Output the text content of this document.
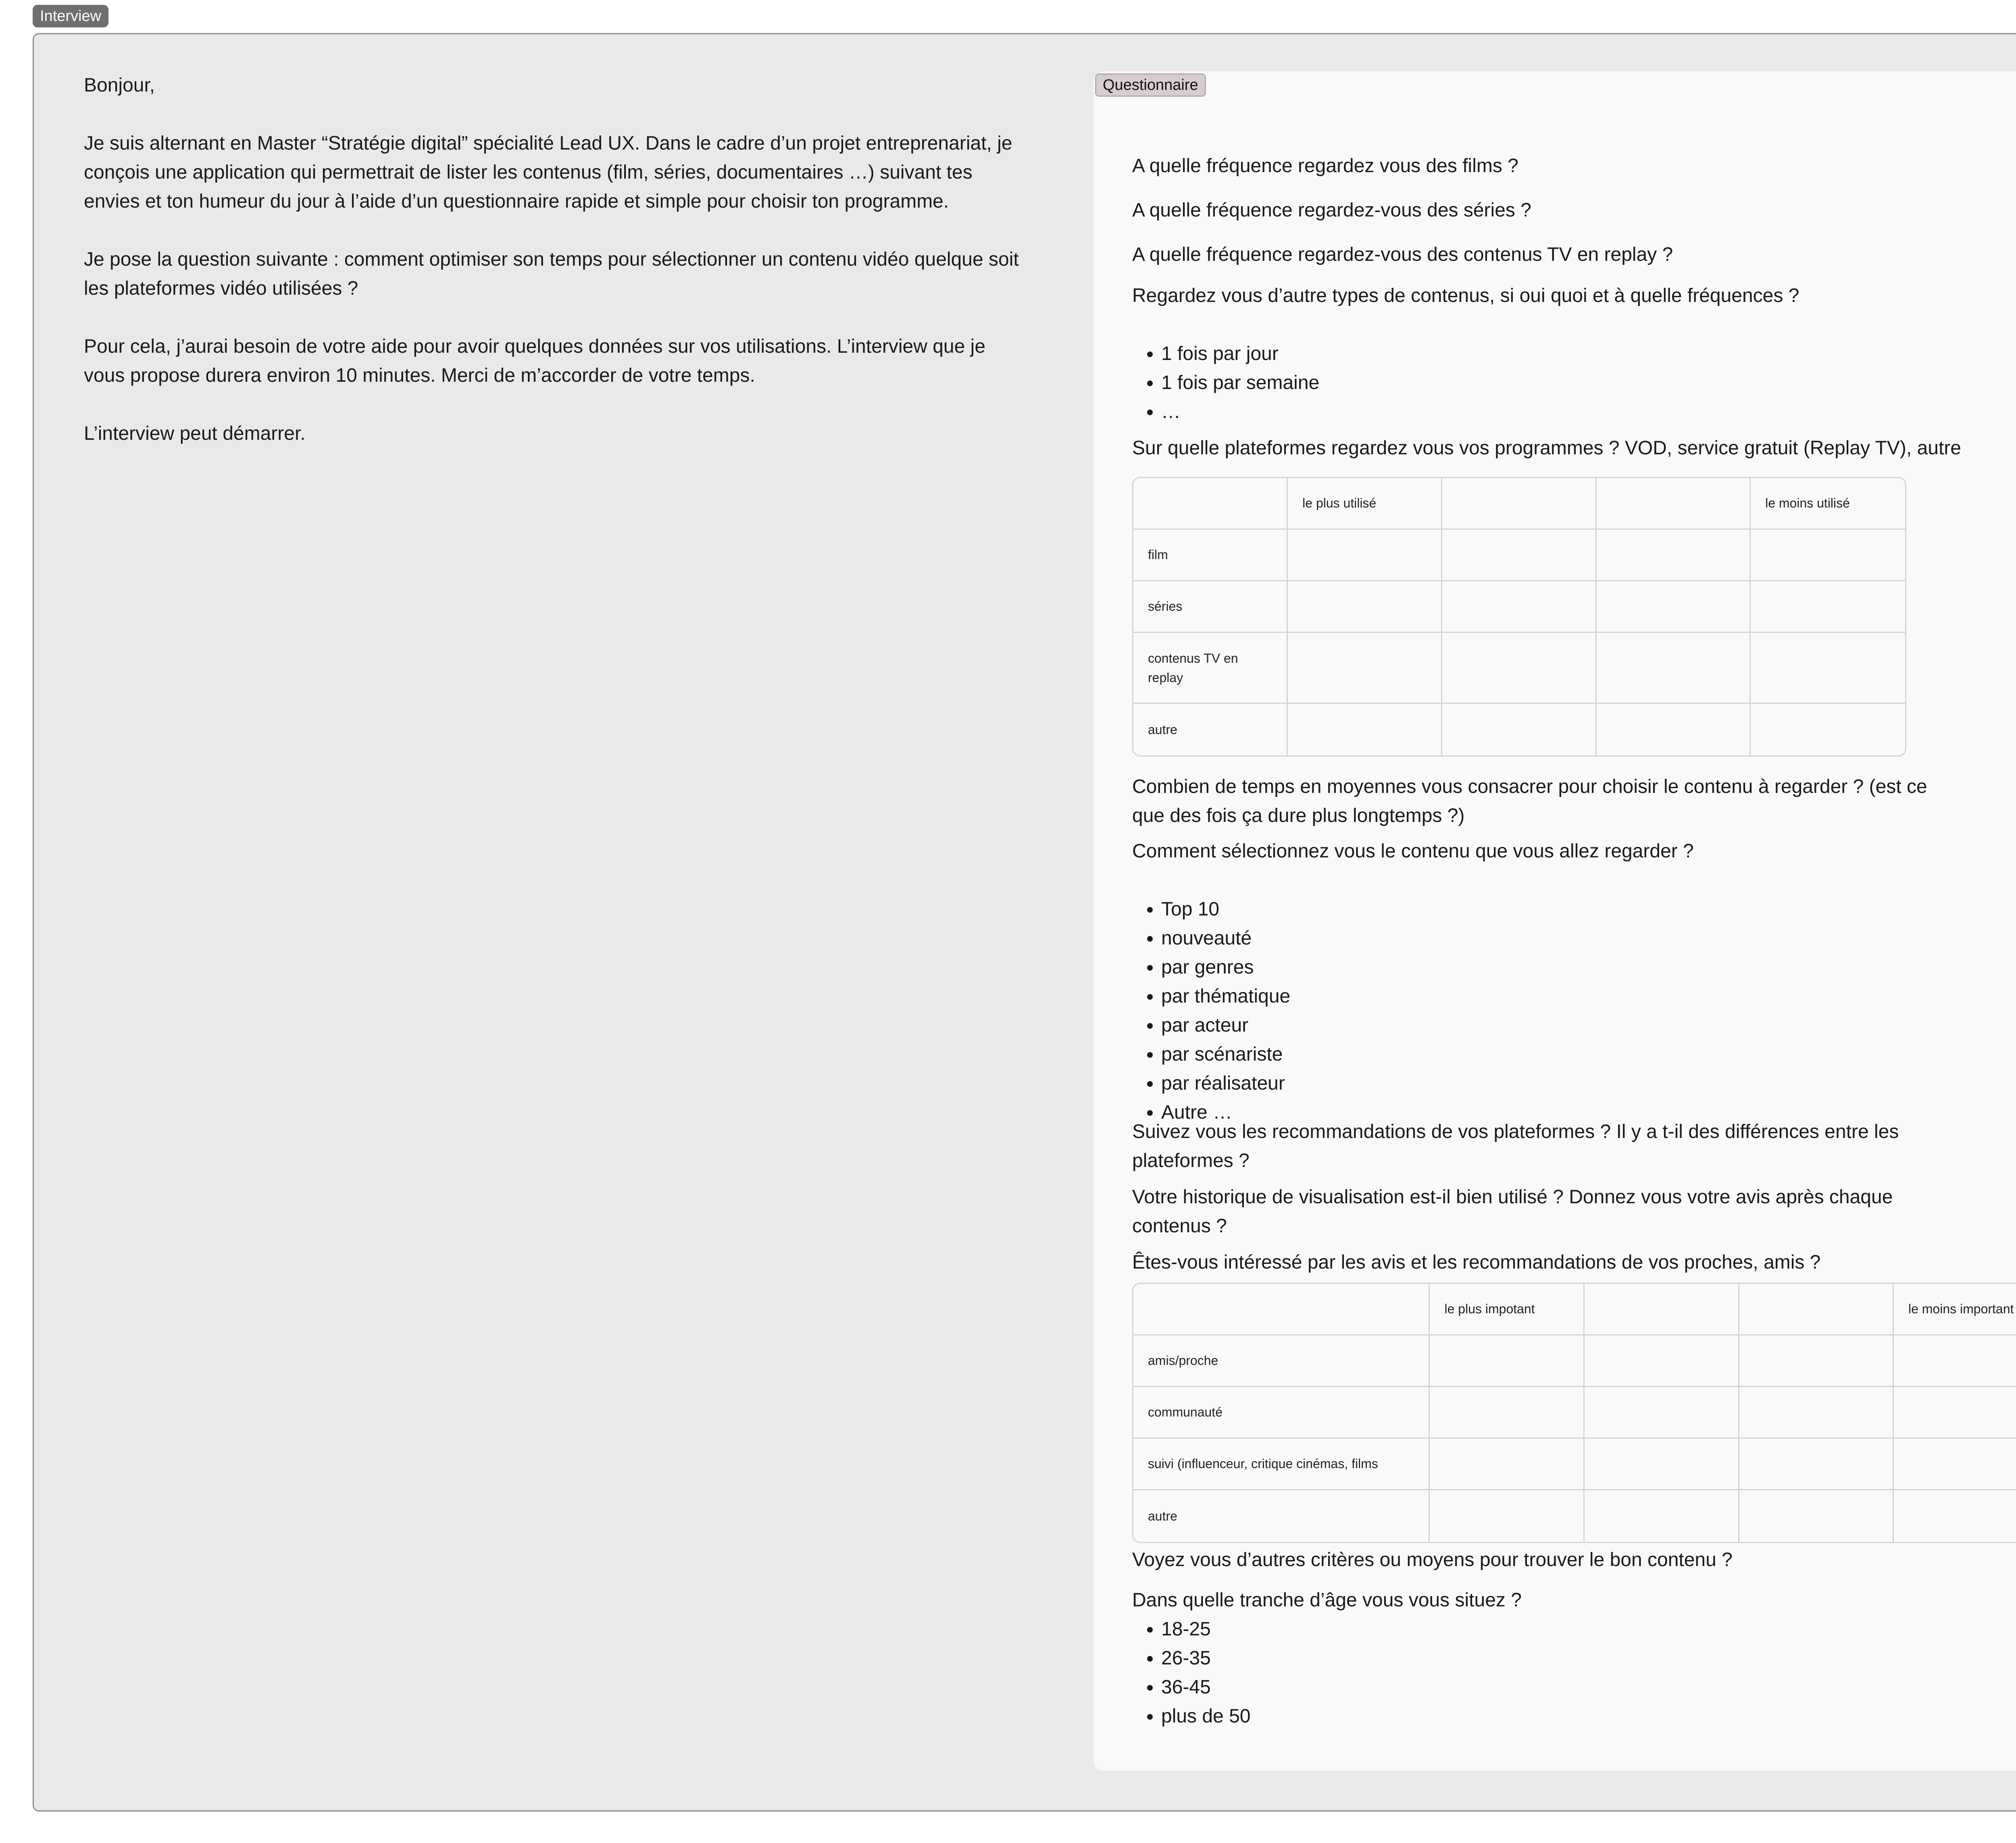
Interview

Bonjour,

Je suis alternant en Master “Stratégie digital” spécialité Lead UX. Dans le cadre d’un projet entreprenariat, je conçois une application qui permettrait de lister les contenus (film, séries, documentaires …) suivant tes envies et ton humeur du jour à l’aide d’un questionnaire rapide et simple pour choisir ton programme.

Je pose la question suivante : comment optimiser son temps pour sélectionner un contenu vidéo quelque soit les plateformes vidéo utilisées ?

Pour cela, j’aurai besoin de votre aide pour avoir quelques données sur vos utilisations. L’interview que je vous propose durera environ 10 minutes. Merci de m’accorder de votre temps.

L’interview peut démarrer.

Questionnaire

A quelle fréquence regardez vous des films ?

A quelle fréquence regardez-vous des séries ?

A quelle fréquence regardez-vous des contenus TV en replay ?

Regardez vous d’autre types de contenus, si oui quoi et à quelle fréquences ?

• 1 fois par jour
• 1 fois par semaine
• …

Sur quelle plateformes regardez vous vos programmes ? VOD, service gratuit (Replay TV), autre

	le plus utilisé			le moins utilisé
film				
séries				
contenus TV en replay				
autre				

Combien de temps en moyennes vous consacrer pour choisir le contenu à regarder ? (est ce que des fois ça dure plus longtemps ?)

Comment sélectionnez vous le contenu que vous allez regarder ?

• Top 10
• nouveauté
• par genres
• par thématique
• par acteur
• par scénariste
• par réalisateur
• Autre …

Suivez vous les recommandations de vos plateformes ? Il y a t-il des différences entre les plateformes ?

Votre historique de visualisation est-il bien utilisé ? Donnez vous votre avis après chaque contenus ?

Êtes-vous intéressé par les avis et les recommandations de vos proches, amis ?

	le plus impotant			le moins important
amis/proche				
communauté				
suivi (influenceur, critique cinémas, films				
autre				

Voyez vous d’autres critères ou moyens pour trouver le bon contenu ?

Dans quelle tranche d’âge vous vous situez ?

• 18-25
• 26-35
• 36-45
• plus de 50
